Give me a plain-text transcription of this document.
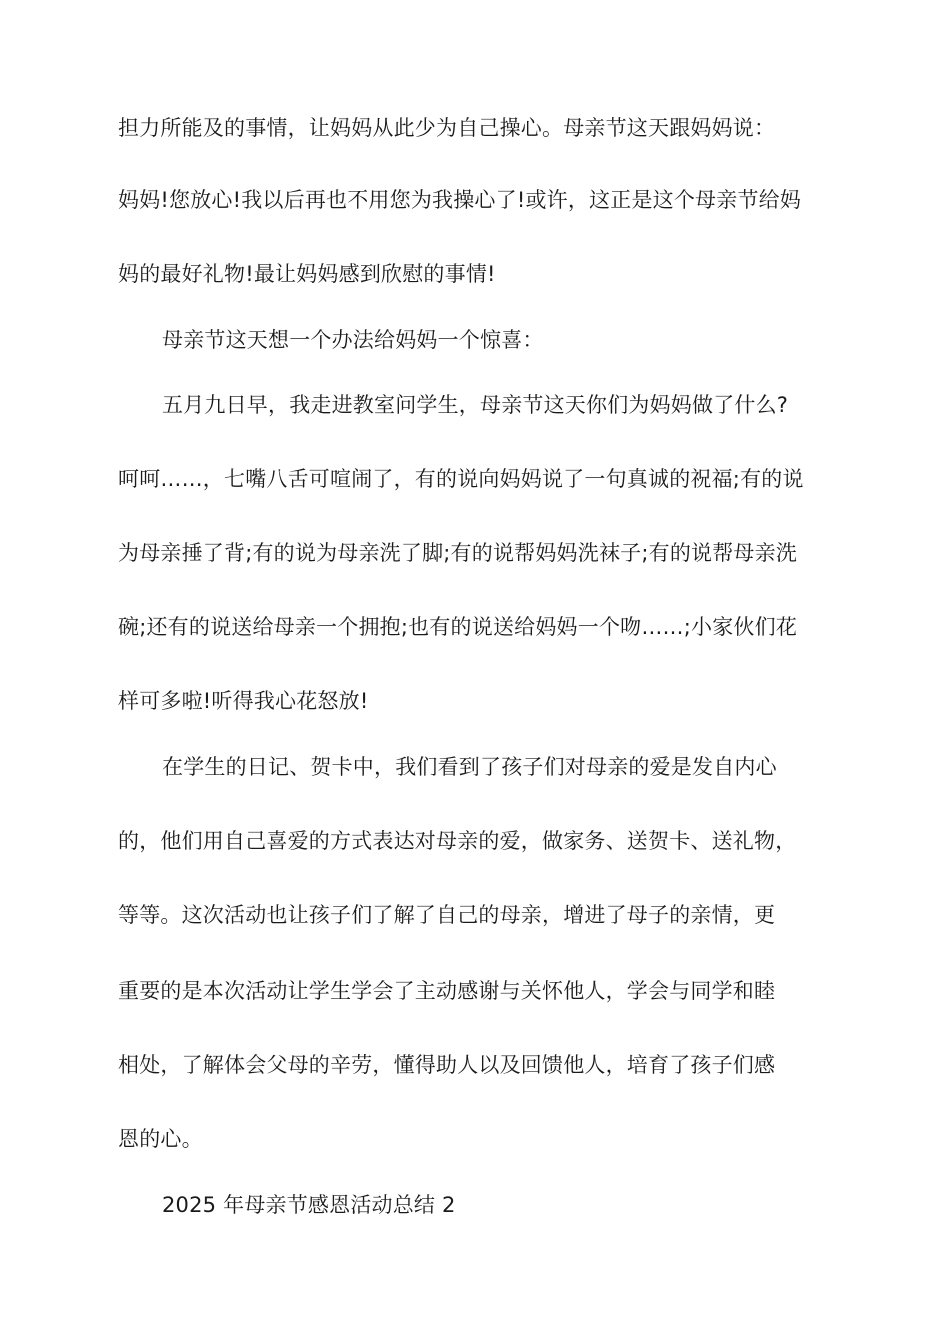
担力所能及的事情，让妈妈从此少为自己操心。母亲节这天跟妈妈说：
妈妈!您放心!我以后再也不用您为我操心了!或许，这正是这个母亲节给妈
妈的最好礼物!最让妈妈感到欣慰的事情!
母亲节这天想一个办法给妈妈一个惊喜：
五月九日早，我走进教室问学生，母亲节这天你们为妈妈做了什么?
呵呵……，七嘴八舌可喧闹了，有的说向妈妈说了一句真诚的祝福;有的说
为母亲捶了背;有的说为母亲洗了脚;有的说帮妈妈洗袜子;有的说帮母亲洗
碗;还有的说送给母亲一个拥抱;也有的说送给妈妈一个吻……;小家伙们花
样可多啦!听得我心花怒放!
在学生的日记、贺卡中，我们看到了孩子们对母亲的爱是发自内心
的，他们用自己喜爱的方式表达对母亲的爱，做家务、送贺卡、送礼物，
等等。这次活动也让孩子们了解了自己的母亲，增进了母子的亲情，更
重要的是本次活动让学生学会了主动感谢与关怀他人，学会与同学和睦
相处，了解体会父母的辛劳，懂得助人以及回馈他人，培育了孩子们感
恩的心。
2025 年母亲节感恩活动总结 2
